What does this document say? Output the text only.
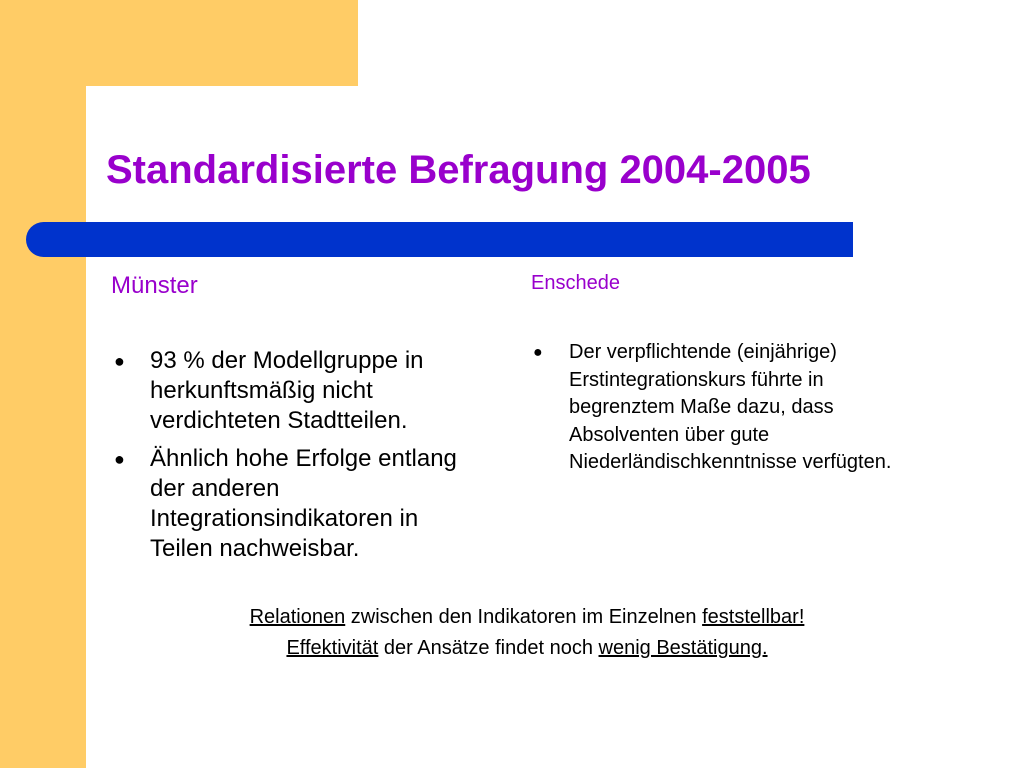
Standardisierte Befragung 2004-2005
Münster
● 93 % der Modellgruppe in herkunftsmäßig nicht verdichteten Stadtteilen.
● Ähnlich hohe Erfolge entlang der anderen Integrationsindikatoren in Teilen nachweisbar.
Enschede
● Der verpflichtende (einjährige) Erstintegrationskurs führte in begrenztem Maße dazu, dass Absolventen über gute Niederländischkenntnisse verfügten.
Relationen zwischen den Indikatoren im Einzelnen feststellbar!
Effektivität der Ansätze findet noch wenig Bestätigung.
